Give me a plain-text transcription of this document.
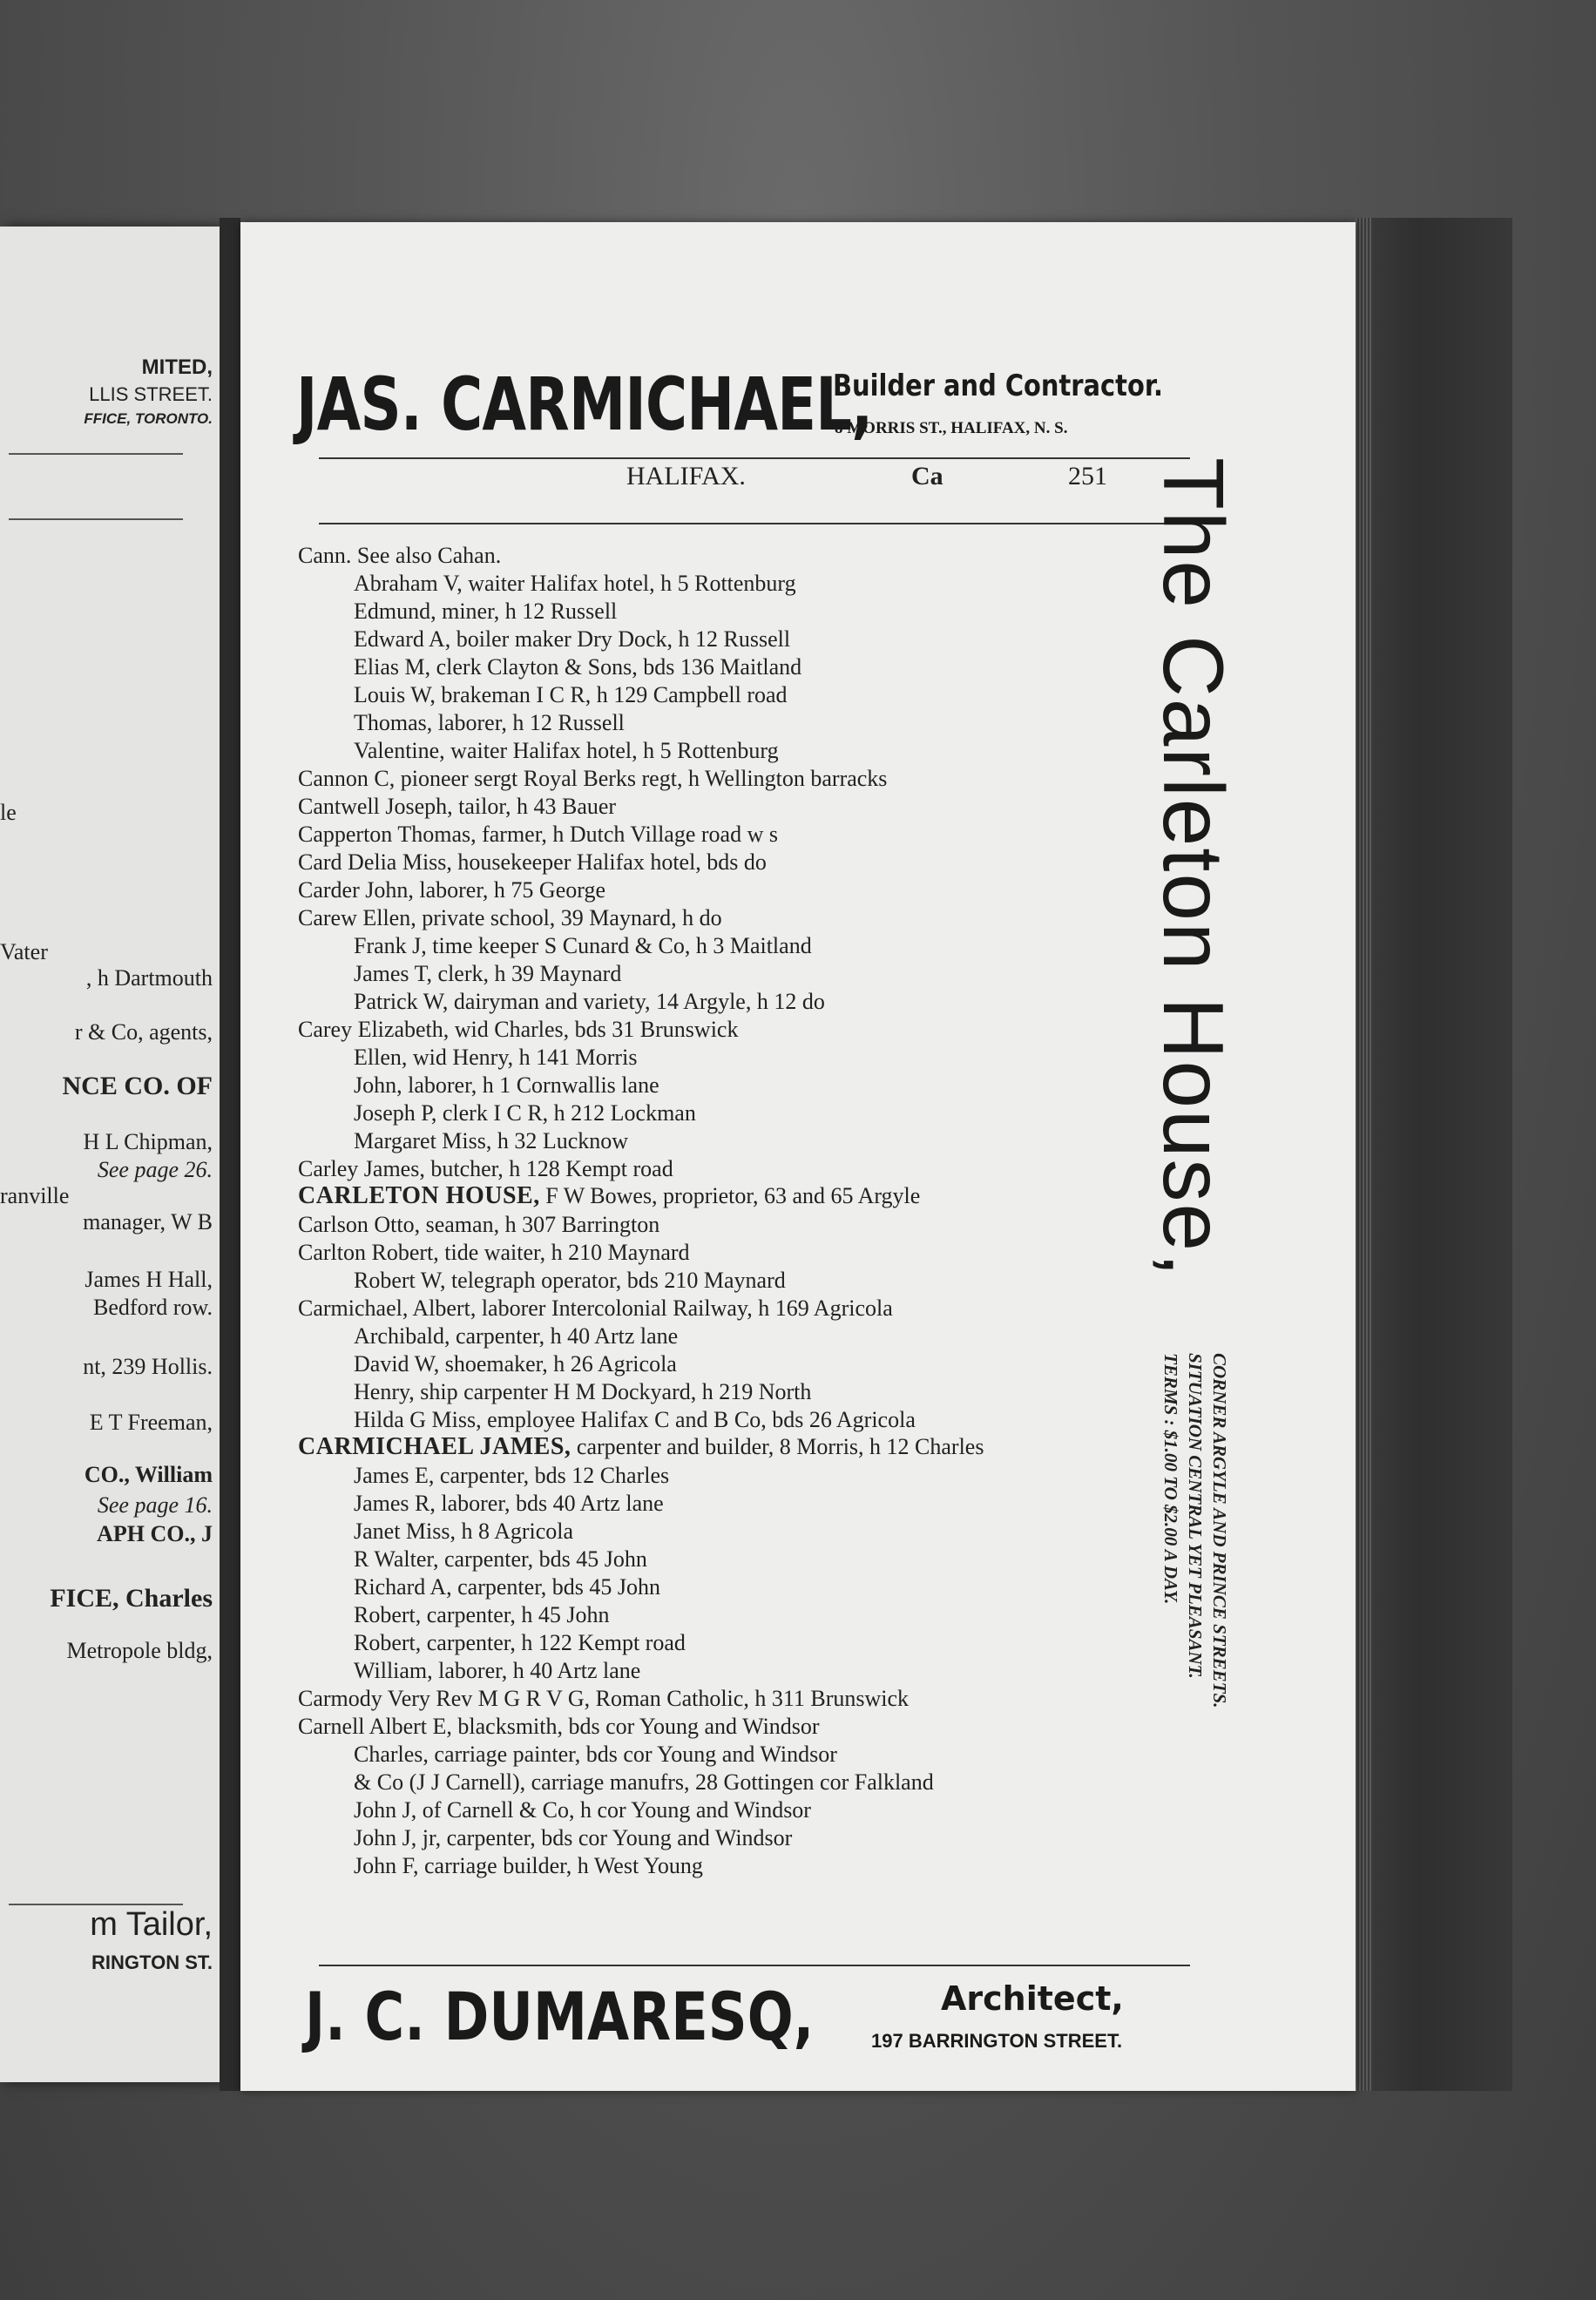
MITED,
LLIS STREET.
FFICE, TORONTO.
le
Vater
, h Dartmouth
r & Co, agents,
NCE CO. OF
H L Chipman,
See page 26.
ranville
manager, W B
James H Hall,
Bedford row.
nt, 239 Hollis.
E T Freeman,
CO., William
See page 16.
APH CO., J
FICE, Charles
Metropole bldg,
m Tailor,
RINGTON ST.
JAS. CARMICHAEL,
Builder and Contractor.
8 MORRIS ST., HALIFAX, N. S.
HALIFAX.	Ca	251
Cann. See also Cahan.
Abraham V, waiter Halifax hotel, h 5 Rottenburg
Edmund, miner, h 12 Russell
Edward A, boiler maker Dry Dock, h 12 Russell
Elias M, clerk Clayton & Sons, bds 136 Maitland
Louis W, brakeman I C R, h 129 Campbell road
Thomas, laborer, h 12 Russell
Valentine, waiter Halifax hotel, h 5 Rottenburg
Cannon C, pioneer sergt Royal Berks regt, h Wellington barracks
Cantwell Joseph, tailor, h 43 Bauer
Capperton Thomas, farmer, h Dutch Village road w s
Card Delia Miss, housekeeper Halifax hotel, bds do
Carder John, laborer, h 75 George
Carew Ellen, private school, 39 Maynard, h do
Frank J, time keeper S Cunard & Co, h 3 Maitland
James T, clerk, h 39 Maynard
Patrick W, dairyman and variety, 14 Argyle, h 12 do
Carey Elizabeth, wid Charles, bds 31 Brunswick
Ellen, wid Henry, h 141 Morris
John, laborer, h 1 Cornwallis lane
Joseph P, clerk I C R, h 212 Lockman
Margaret Miss, h 32 Lucknow
Carley James, butcher, h 128 Kempt road
CARLETON HOUSE, F W Bowes, proprietor, 63 and 65 Argyle
Carlson Otto, seaman, h 307 Barrington
Carlton Robert, tide waiter, h 210 Maynard
Robert W, telegraph operator, bds 210 Maynard
Carmichael, Albert, laborer Intercolonial Railway, h 169 Agricola
Archibald, carpenter, h 40 Artz lane
David W, shoemaker, h 26 Agricola
Henry, ship carpenter H M Dockyard, h 219 North
Hilda G Miss, employee Halifax C and B Co, bds 26 Agricola
CARMICHAEL JAMES, carpenter and builder, 8 Morris, h 12 Charles
James E, carpenter, bds 12 Charles
James R, laborer, bds 40 Artz lane
Janet Miss, h 8 Agricola
R Walter, carpenter, bds 45 John
Richard A, carpenter, bds 45 John
Robert, carpenter, h 45 John
Robert, carpenter, h 122 Kempt road
William, laborer, h 40 Artz lane
Carmody Very Rev M G R V G, Roman Catholic, h 311 Brunswick
Carnell Albert E, blacksmith, bds cor Young and Windsor
Charles, carriage painter, bds cor Young and Windsor
& Co (J J Carnell), carriage manufrs, 28 Gottingen cor Falkland
John J, of Carnell & Co, h cor Young and Windsor
John J, jr, carpenter, bds cor Young and Windsor
John F, carriage builder, h West Young
The Carleton House,
CORNER ARGYLE AND PRINCE STREETS.
SITUATION CENTRAL YET PLEASANT.
TERMS : $1.00 TO $2.00 A DAY.
J. C. DUMARESQ,	Architect,
197 BARRINGTON STREET.
